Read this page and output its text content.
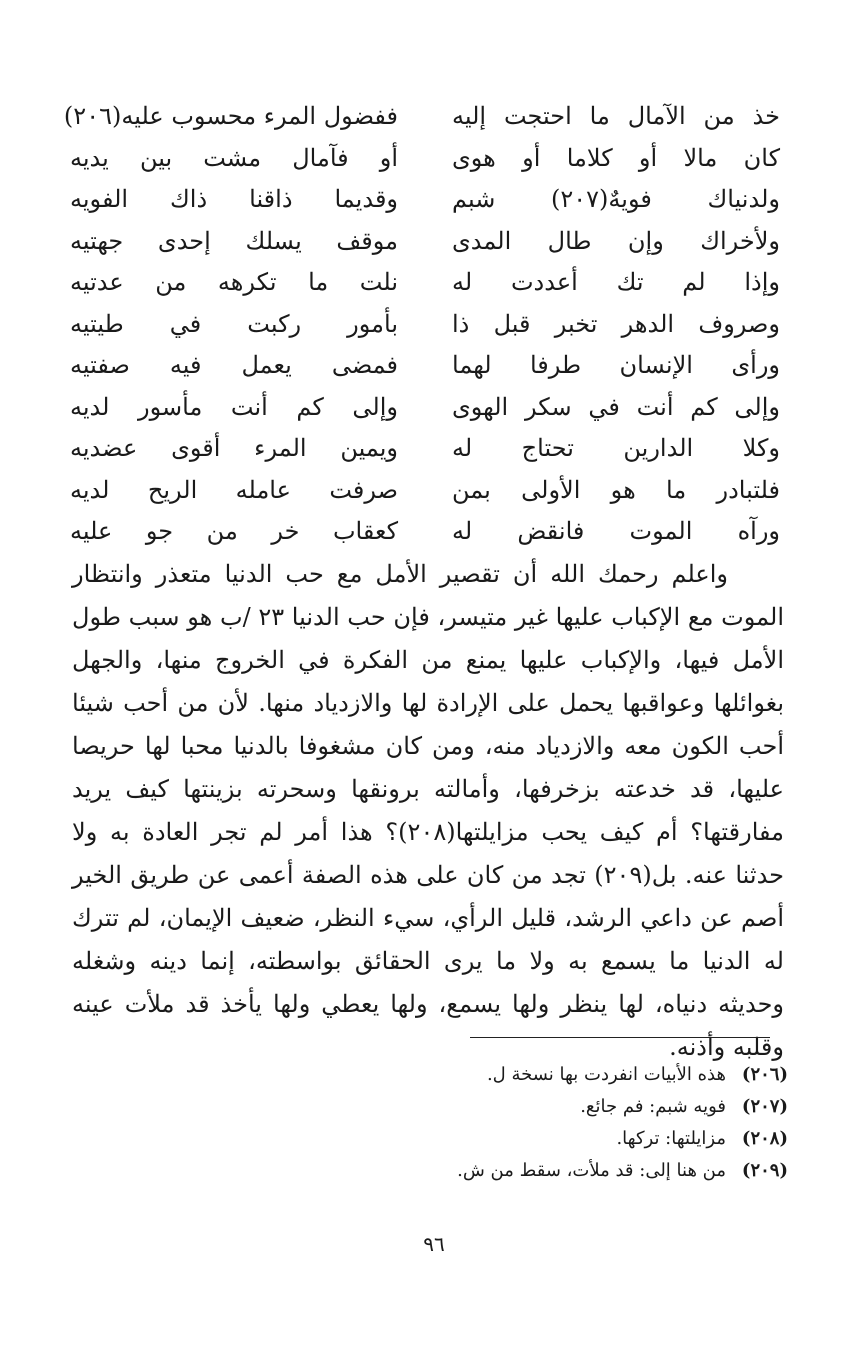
خذ من الآمال ما احتجت إليه
ففضول المرء محسوب عليه(٢٠٦)
كان مالا أو كلاما أو هوى
أو فآمال مشت بين يديه
ولدنياك فويهٌ(٢٠٧) شبم
وقديما ذاقنا ذاك الفويه
ولأخراك وإن طال المدى
موقف يسلك إحدى جهتيه
وإذا لم تك أعددت له
نلت ما تكرهه من عدتيه
وصروف الدهر تخبر قبل ذا
بأمور ركبت في طيتيه
ورأى الإنسان طرفا لهما
فمضى يعمل فيه صفتيه
وإلى كم أنت في سكر الهوى
وإلى كم أنت مأسور لديه
وكلا الدارين تحتاج له
ويمين المرء أقوى عضديه
فلتبادر ما هو الأولى بمن
صرفت عامله الريح لديه
ورآه الموت فانقض له
كعقاب خر من جو عليه

واعلم رحمك الله أن تقصير الأمل مع حب الدنيا متعذر وانتظار الموت مع الإكباب عليها غير متيسر، فإن حب الدنيا ٢٣ /ب هو سبب طول الأمل فيها، والإكباب عليها يمنع من الفكرة في الخروج منها، والجهل بغوائلها وعواقبها يحمل على الإرادة لها والازدياد منها. لأن من أحب شيئا أحب الكون معه والازدياد منه، ومن كان مشغوفا بالدنيا محبا لها حريصا عليها، قد خدعته بزخرفها، وأمالته برونقها وسحرته بزينتها كيف يريد مفارقتها؟ أم كيف يحب مزايلتها(٢٠٨)؟ هذا أمر لم تجر العادة به ولا حدثنا عنه. بل(٢٠٩) تجد من كان على هذه الصفة أعمى عن طريق الخير أصم عن داعي الرشد، قليل الرأي، سيء النظر، ضعيف الإيمان، لم تترك له الدنيا ما يسمع به ولا ما يرى الحقائق بواسطته، إنما دينه وشغله وحديثه دنياه، لها ينظر ولها يسمع، ولها يعطي ولها يأخذ قد ملأت عينه وقلبه وأذنه.

(٢٠٦)
هذه الأبيات انفردت بها نسخة ل.
(٢٠٧)
فويه شبم: فم جائع.
(٢٠٨)
مزايلتها: تركها.
(٢٠٩)
من هنا إلى: قد ملأت، سقط من ش.
٩٦
